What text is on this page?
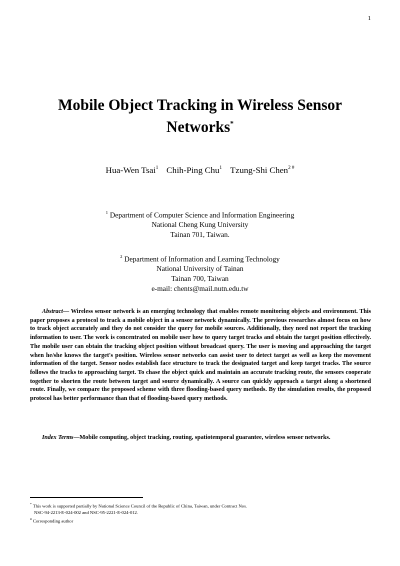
1
Mobile Object Tracking in Wireless Sensor
Networks*
Hua-Wen Tsai$^1$ Chih-Ping Chu$^1$ Tzung-Shi Chen$^{2 \#}$
$^1$ Department of Computer Science and Information Engineering
National Cheng Kung University
Tainan 701, Taiwan.
$^2$ Department of Information and Learning Technology
National University of Tainan
Tainan 700, Taiwan
e-mail: chents@mail.nutn.edu.tw

Abstract— Wireless sensor network is an emerging technology that enables remote monitoring objects and environment. This paper proposes a protocol to track a mobile object in a sensor network dynamically. The previous researches almost focus on how to track object accurately and they do not consider the query for mobile sources. Additionally, they need not report the tracking information to user. The work is concentrated on mobile user how to query target tracks and obtain the target position effectively. The mobile user can obtain the tracking object position without broadcast query. The user is moving and approaching the target when he/she knows the target's position. Wireless sensor networks can assist user to detect target as well as keep the movement information of the target. Sensor nodes establish face structure to track the designated target and keep target tracks. The source follows the tracks to approaching target. To chase the object quick and maintain an accurate tracking route, the sensors cooperate together to shorten the route between target and source dynamically. A source can quickly approach a target along a shortened route. Finally, we compare the proposed scheme with three flooding-based query methods. By the simulation results, the proposed protocol has better performance than that of flooding-based query methods.

Index Terms—Mobile computing, object tracking, routing, spatiotemporal guarantee, wireless sensor networks.

* This work is supported partially by National Science Council of the Republic of China, Taiwan, under Contract Nos.

NSC-94-2213-E-024-002 and NSC-95-2221-E-024-012.

# Corresponding author
